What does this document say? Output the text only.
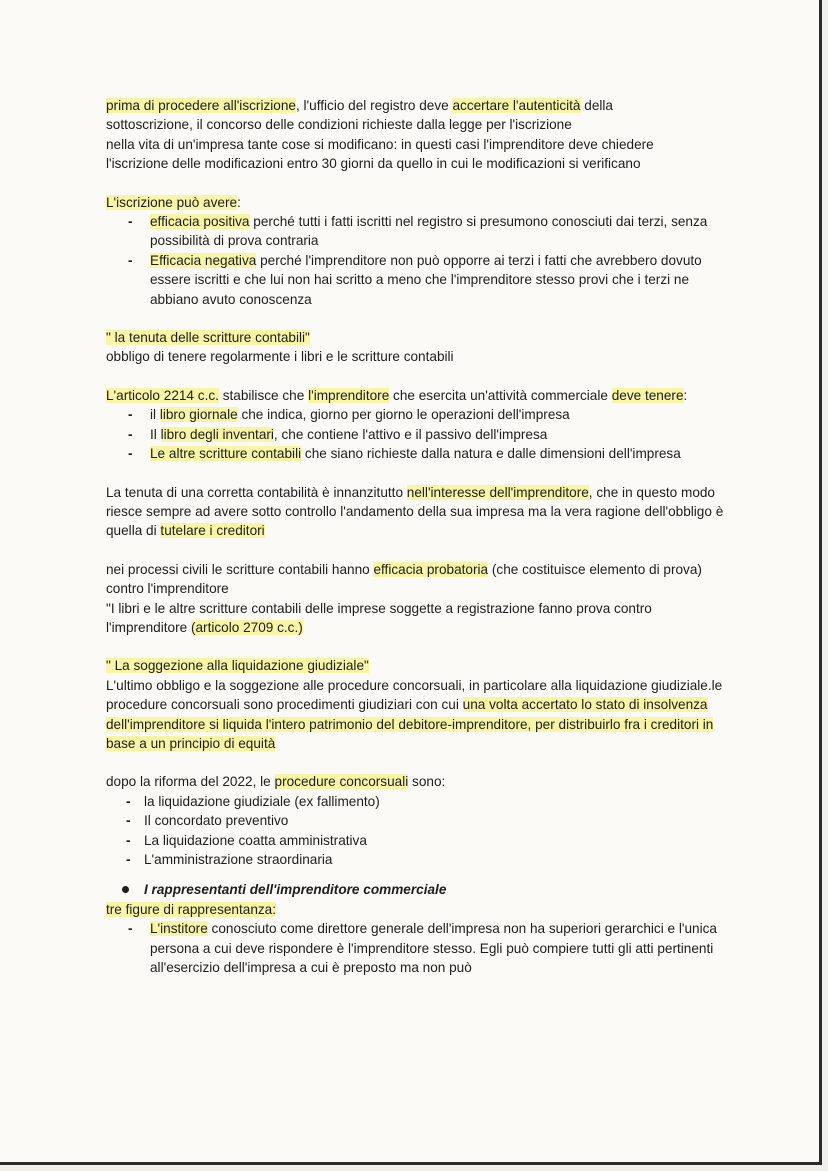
prima di procedere all'iscrizione, l'ufficio del registro deve accertare l'autenticità della
sottoscrizione, il concorso delle condizioni richieste dalla legge per l'iscrizione
nella vita di un'impresa tante cose si modificano: in questi casi l'imprenditore deve chiedere
l'iscrizione delle modificazioni entro 30 giorni da quello in cui le modificazioni si verificano

L'iscrizione può avere:

- efficacia positiva perché tutti i fatti iscritti nel registro si presumono conosciuti dai terzi, senza possibilità di prova contraria
- Efficacia negativa perché l'imprenditore non può opporre ai terzi i fatti che avrebbero dovuto essere iscritti e che lui non hai scritto a meno che l'imprenditore stesso provi che i terzi ne abbiano avuto conoscenza

" la tenuta delle scritture contabili"
obbligo di tenere regolarmente i libri e le scritture contabili

L'articolo 2214 c.c. stabilisce che l'imprenditore che esercita un'attività commerciale deve tenere:

- il libro giornale che indica, giorno per giorno le operazioni dell'impresa
- Il libro degli inventari, che contiene l'attivo e il passivo dell'impresa
- Le altre scritture contabili che siano richieste dalla natura e dalle dimensioni dell'impresa

La tenuta di una corretta contabilità è innanzitutto nell'interesse dell'imprenditore, che in questo modo riesce sempre ad avere sotto controllo l'andamento della sua impresa ma la vera ragione dell'obbligo è quella di tutelare i creditori

nei processi civili le scritture contabili hanno efficacia probatoria (che costituisce elemento di prova) contro l'imprenditore

"I libri e le altre scritture contabili delle imprese soggette a registrazione fanno prova contro l'imprenditore (articolo 2709 c.c.)

" La soggezione alla liquidazione giudiziale"

L'ultimo obbligo e la soggezione alle procedure concorsuali, in particolare alla liquidazione giudiziale.le procedure concorsuali sono procedimenti giudiziari con cui una volta accertato lo stato di insolvenza dell'imprenditore si liquida l'intero patrimonio del debitore-imprenditore, per distribuirlo fra i creditori in base a un principio di equità

dopo la riforma del 2022, le procedure concorsuali sono:

- la liquidazione giudiziale (ex fallimento)
- Il concordato preventivo
- La liquidazione coatta amministrativa
- L'amministrazione straordinaria

I rappresentanti dell'imprenditore commerciale

tre figure di rappresentanza:

- L'institore conosciuto come direttore generale dell'impresa non ha superiori gerarchici e l'unica persona a cui deve rispondere è l'imprenditore stesso. Egli può compiere tutti gli atti pertinenti all'esercizio dell'impresa a cui è preposto ma non può
